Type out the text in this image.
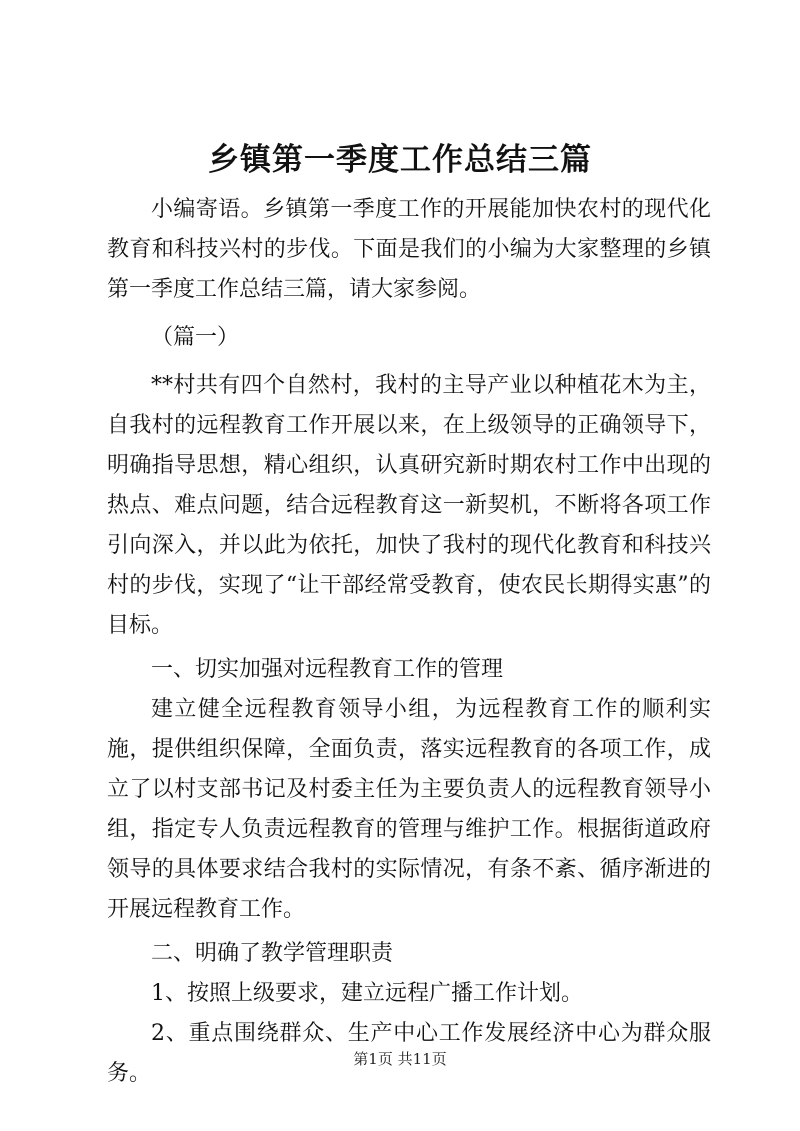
乡镇第一季度工作总结三篇

小编寄语。乡镇第一季度工作的开展能加快农村的现代化教育和科技兴村的步伐。下面是我们的小编为大家整理的乡镇第一季度工作总结三篇，请大家参阅。

（篇一）

**村共有四个自然村，我村的主导产业以种植花木为主，自我村的远程教育工作开展以来，在上级领导的正确领导下，明确指导思想，精心组织，认真研究新时期农村工作中出现的热点、难点问题，结合远程教育这一新契机，不断将各项工作引向深入，并以此为依托，加快了我村的现代化教育和科技兴村的步伐，实现了“让干部经常受教育，使农民长期得实惠”的目标。

一、切实加强对远程教育工作的管理

建立健全远程教育领导小组，为远程教育工作的顺利实施，提供组织保障，全面负责，落实远程教育的各项工作，成立了以村支部书记及村委主任为主要负责人的远程教育领导小组，指定专人负责远程教育的管理与维护工作。根据街道政府领导的具体要求结合我村的实际情况，有条不紊、循序渐进的开展远程教育工作。

二、明确了教学管理职责

1、按照上级要求，建立远程广播工作计划。

2、重点围绕群众、生产中心工作发展经济中心为群众服务。

第1页 共11页
